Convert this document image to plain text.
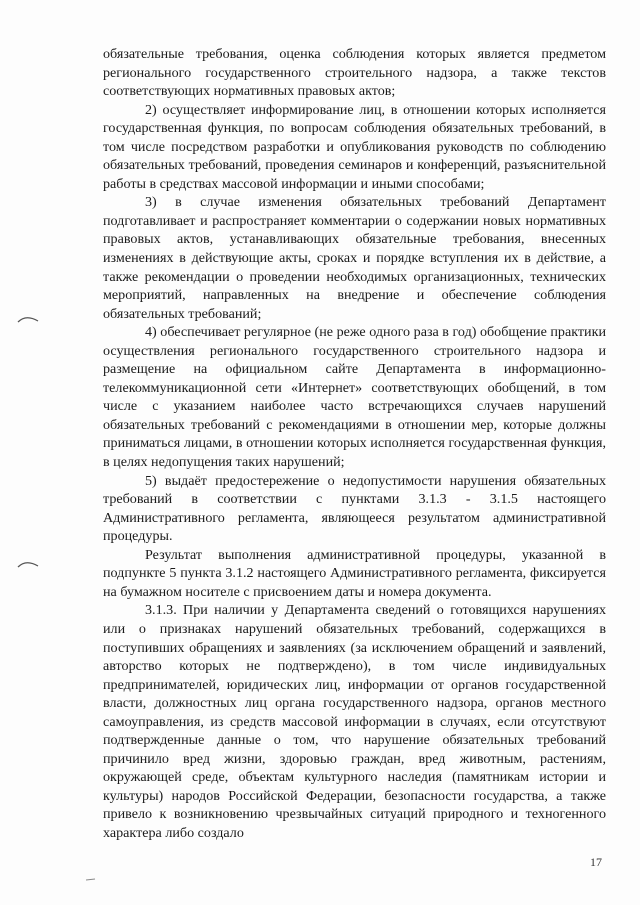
обязательные требования, оценка соблюдения которых является предметом регионального государственного строительного надзора, а также текстов соответствующих нормативных правовых актов;

2) осуществляет информирование лиц, в отношении которых исполняется государственная функция, по вопросам соблюдения обязательных требований, в том числе посредством разработки и опубликования руководств по соблюдению обязательных требований, проведения семинаров и конференций, разъяснительной работы в средствах массовой информации и иными способами;

3) в случае изменения обязательных требований Департамент подготавливает и распространяет комментарии о содержании новых нормативных правовых актов, устанавливающих обязательные требования, внесенных изменениях в действующие акты, сроках и порядке вступления их в действие, а также рекомендации о проведении необходимых организационных, технических мероприятий, направленных на внедрение и обеспечение соблюдения обязательных требований;

4) обеспечивает регулярное (не реже одного раза в год) обобщение практики осуществления регионального государственного строительного надзора и размещение на официальном сайте Департамента в информационно-телекоммуникационной сети «Интернет» соответствующих обобщений, в том числе с указанием наиболее часто встречающихся случаев нарушений обязательных требований с рекомендациями в отношении мер, которые должны приниматься лицами, в отношении которых исполняется государственная функция, в целях недопущения таких нарушений;

5) выдаёт предостережение о недопустимости нарушения обязательных требований в соответствии с пунктами 3.1.3 - 3.1.5 настоящего Административного регламента, являющееся результатом административной процедуры.

Результат выполнения административной процедуры, указанной в подпункте 5 пункта 3.1.2 настоящего Административного регламента, фиксируется на бумажном носителе с присвоением даты и номера документа.

3.1.3. При наличии у Департамента сведений о готовящихся нарушениях или о признаках нарушений обязательных требований, содержащихся в поступивших обращениях и заявлениях (за исключением обращений и заявлений, авторство которых не подтверждено), в том числе индивидуальных предпринимателей, юридических лиц, информации от органов государственной власти, должностных лиц органа государственного надзора, органов местного самоуправления, из средств массовой информации в случаях, если отсутствуют подтвержденные данные о том, что нарушение обязательных требований причинило вред жизни, здоровью граждан, вред животным, растениям, окружающей среде, объектам культурного наследия (памятникам истории и культуры) народов Российской Федерации, безопасности государства, а также привело к возникновению чрезвычайных ситуаций природного и техногенного характера либо создало

17
